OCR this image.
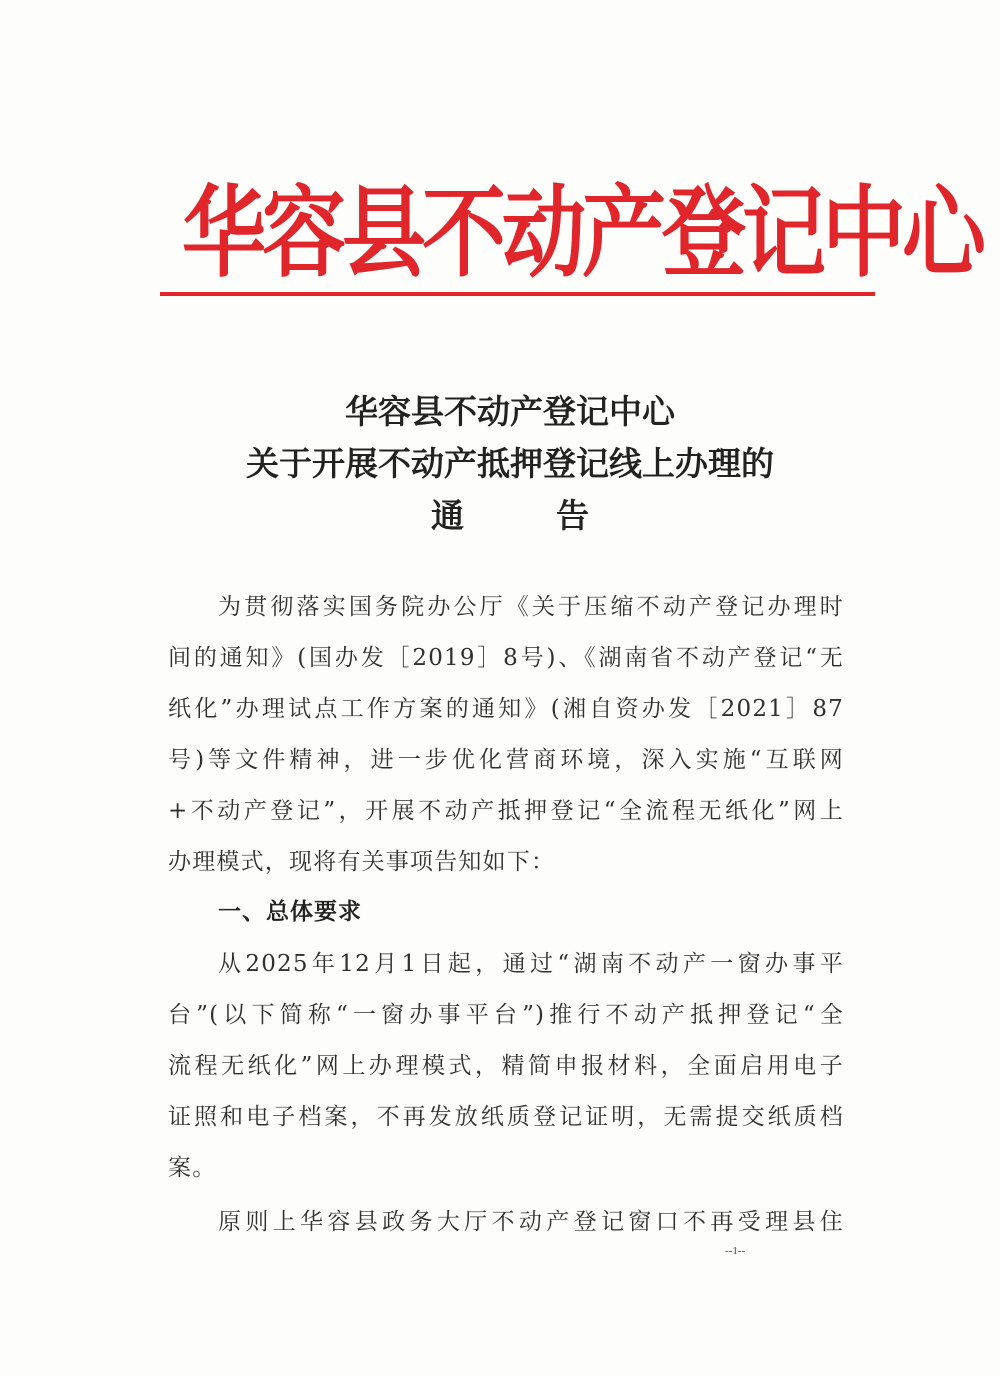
华容县不动产登记中心
华容县不动产登记中心
关于开展不动产抵押登记线上办理的
通	告
为贯彻落实国务院办公厅《关于压缩不动产登记办理时
间的通知》(国办发［2019］8号)、《湖南省不动产登记“无
纸化”办理试点工作方案的通知》(湘自资办发［2021］87
号)等文件精神，进一步优化营商环境，深入实施“互联网
+不动产登记”，开展不动产抵押登记“全流程无纸化”网上
办理模式，现将有关事项告知如下：
一、总体要求
从2025年12月1日起，通过“湖南不动产一窗办事平
台”(以下简称“一窗办事平台”)推行不动产抵押登记“全
流程无纸化”网上办理模式，精简申报材料，全面启用电子
证照和电子档案，不再发放纸质登记证明，无需提交纸质档
案。
原则上华容县政务大厅不动产登记窗口不再受理县住
--1--
